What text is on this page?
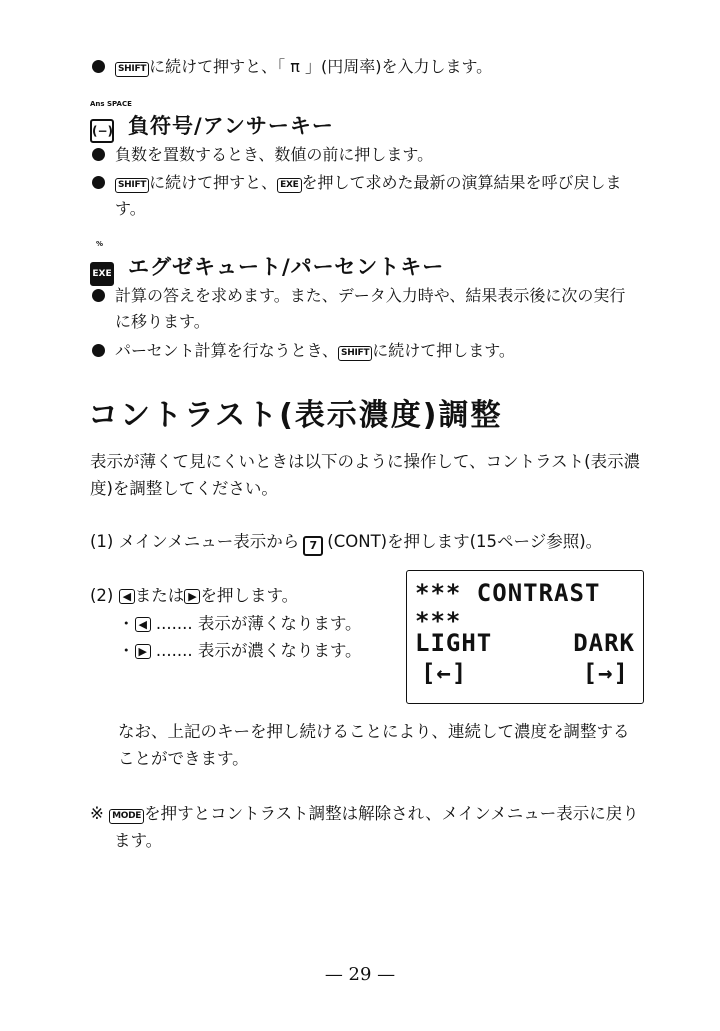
SHIFT に続けて押すと、「 π 」(円周率)を入力します。
Ans SPACE
(−) 負符号/アンサーキー
負数を置数するとき、数値の前に押します。
SHIFT に続けて押すと、 EXE を押して求めた最新の演算結果を呼び戻しま
す。
%
EXE エグゼキュート/パーセントキー
計算の答えを求めます。また、データ入力時や、結果表示後に次の実行
に移ります。
パーセント計算を行なうとき、 SHIFT に続けて押します。
コントラスト(表示濃度)調整
表示が薄くて見にくいときは以下のように操作して、コントラスト(表示濃
度)を調整してください。
(1) メインメニュー表示から 7 (CONT)を押します(15ページ参照)。
(2) ◀ または ▶ を押します。
・ ◀ ....... 表示が薄くなります。
・ ▶ ....... 表示が濃くなります。
*** CONTRAST ***
LIGHT	DARK
[←]	[→]
なお、上記のキーを押し続けることにより、連続して濃度を調整する
ことができます。
※ MODE を押すとコントラスト調整は解除され、メインメニュー表示に戻り
ます。
— 29 —
